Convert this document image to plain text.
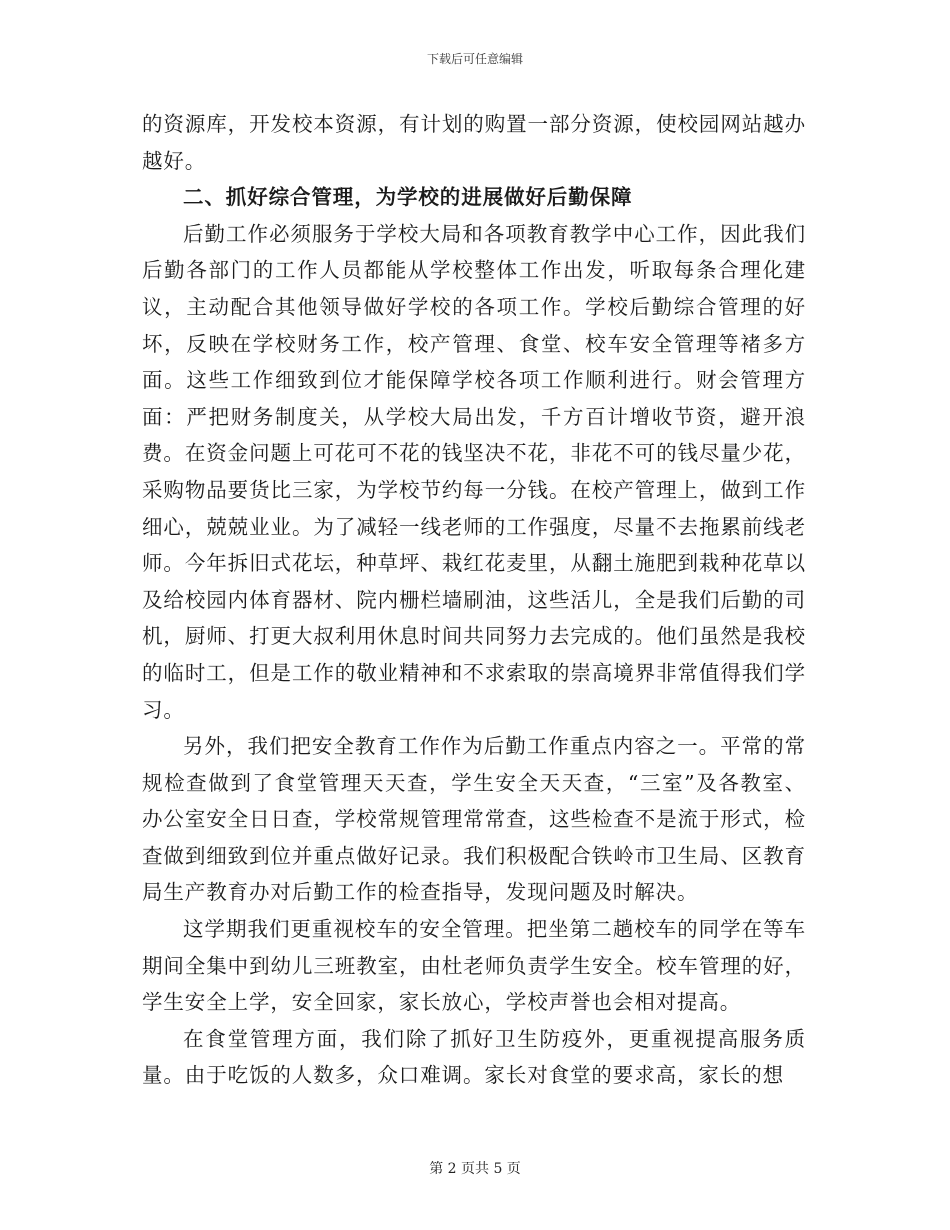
下载后可任意编辑

的资源库，开发校本资源，有计划的购置一部分资源，使校园网站越办越好。

二、抓好综合管理，为学校的进展做好后勤保障

后勤工作必须服务于学校大局和各项教育教学中心工作，因此我们后勤各部门的工作人员都能从学校整体工作出发，听取每条合理化建议，主动配合其他领导做好学校的各项工作。学校后勤综合管理的好坏，反映在学校财务工作，校产管理、食堂、校车安全管理等褚多方面。这些工作细致到位才能保障学校各项工作顺利进行。财会管理方面：严把财务制度关，从学校大局出发，千方百计增收节资，避开浪费。在资金问题上可花可不花的钱坚决不花，非花不可的钱尽量少花，采购物品要货比三家，为学校节约每一分钱。在校产管理上，做到工作细心，兢兢业业。为了减轻一线老师的工作强度，尽量不去拖累前线老师。今年拆旧式花坛，种草坪、栽红花麦里，从翻土施肥到栽种花草以及给校园内体育器材、院内栅栏墙刷油，这些活儿，全是我们后勤的司机，厨师、打更大叔利用休息时间共同努力去完成的。他们虽然是我校的临时工，但是工作的敬业精神和不求索取的崇高境界非常值得我们学习。

另外，我们把安全教育工作作为后勤工作重点内容之一。平常的常规检查做到了食堂管理天天查，学生安全天天查，“三室”及各教室、办公室安全日日查，学校常规管理常常查，这些检查不是流于形式，检查做到细致到位并重点做好记录。我们积极配合铁岭市卫生局、区教育局生产教育办对后勤工作的检查指导，发现问题及时解决。

这学期我们更重视校车的安全管理。把坐第二趟校车的同学在等车期间全集中到幼儿三班教室，由杜老师负责学生安全。校车管理的好，学生安全上学，安全回家，家长放心，学校声誉也会相对提高。

在食堂管理方面，我们除了抓好卫生防疫外，更重视提高服务质量。由于吃饭的人数多，众口难调。家长对食堂的要求高，家长的想

第 2 页共 5 页
